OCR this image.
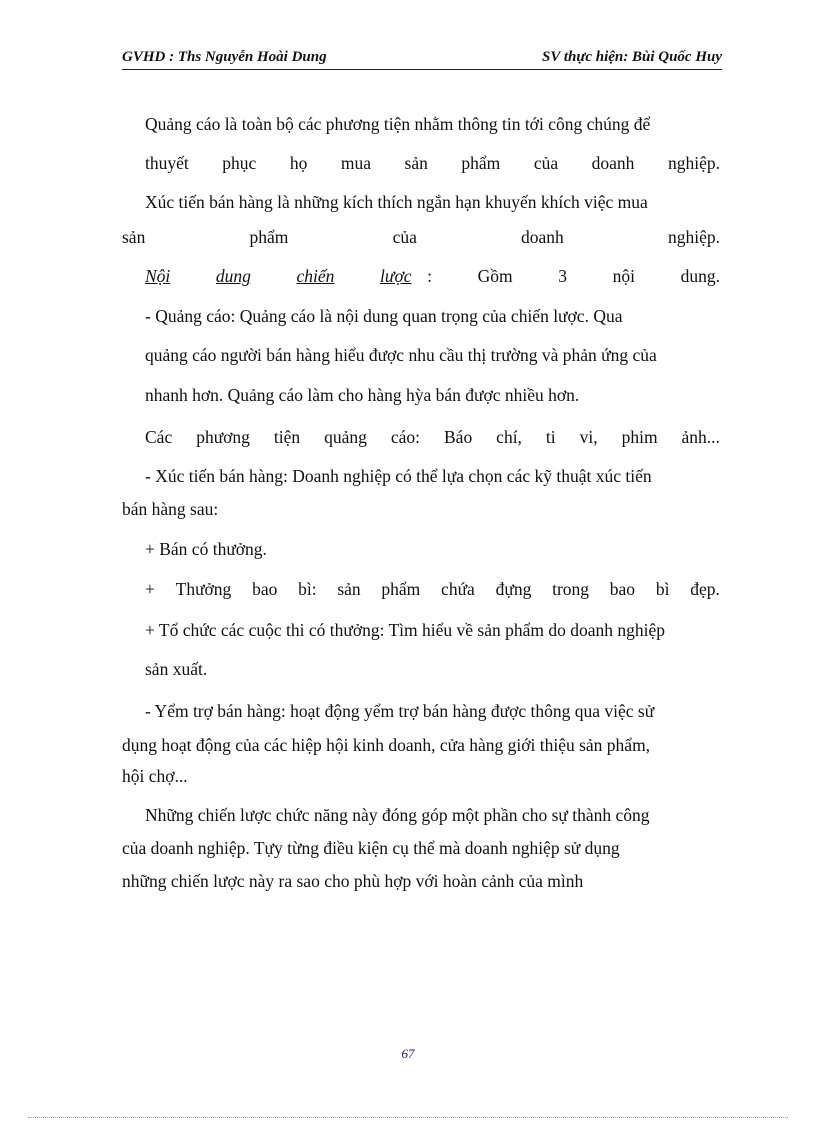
GVHD : Ths Nguyễn Hoài Dung	SV thực hiện: Bùi Quốc Huy
Quảng cáo là toàn bộ các phương tiện nhằm thông tin tới công chúng để
thuyết phục họ mua sản phẩm của doanh nghiệp.
Xúc tiến bán hàng là những kích thích ngắn hạn khuyến khích việc mua
sản	phẩm	của	doanh	nghiệp.
Nội	dung	chiến	lược :	Gồm	3	nội	dung.
- Quảng cáo: Quảng cáo là nội dung quan trọng của chiến lược. Qua
quảng cáo người bán hàng hiểu được nhu cầu thị trường và phản ứng của
nhanh hơn. Quảng cáo làm cho hàng hỳa bán được nhiều hơn.
Các phương tiện quảng cáo: Báo chí, ti vi, phim ảnh...
- Xúc tiến bán hàng: Doanh nghiệp có thể lựa chọn các kỹ thuật xúc tiến
bán hàng sau:
+ Bán có thưởng.
+ Thưởng bao bì: sản phẩm chứa đựng trong bao bì đẹp.
+ Tổ chức các cuộc thi có thưởng: Tìm hiểu về sản phẩm do doanh nghiệp
sản xuất.
- Yểm trợ bán hàng: hoạt động yểm trợ bán hàng được thông qua việc sử
dụng hoạt động của các hiệp hội kinh doanh, cửa hàng giới thiệu sản phẩm,
hội chợ...
Những chiến lược chức năng này đóng góp một phần cho sự thành công
của doanh nghiệp. Tựy từng điều kiện cụ thể mà doanh nghiệp sử dụng
những chiến lược này ra sao cho phù hợp với hoàn cảnh của mình
67
